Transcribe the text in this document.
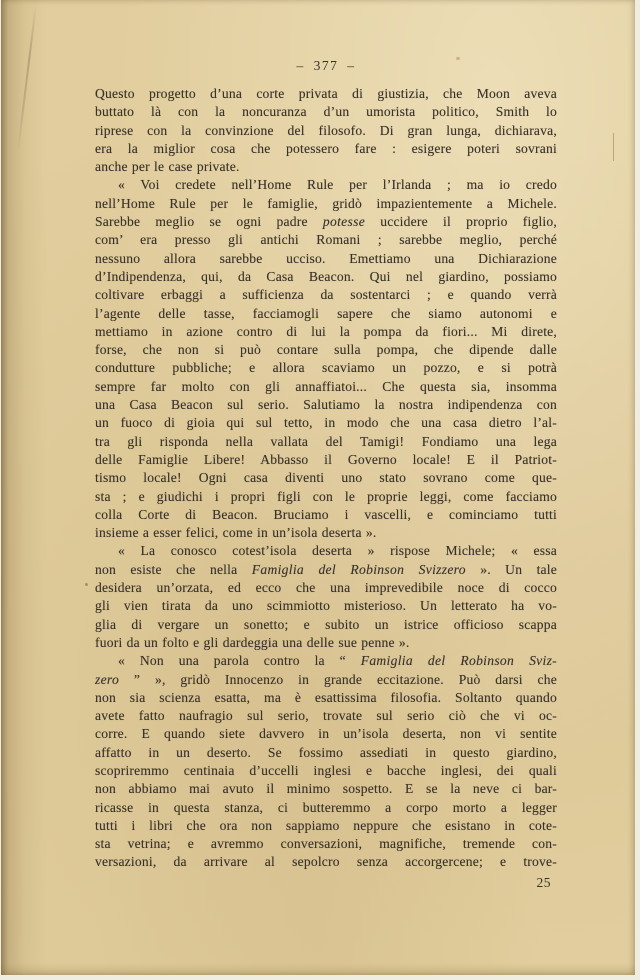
– 377 –
Questo progetto d’una corte privata di giustizia, che Moon aveva
buttato là con la noncuranza d’un umorista politico, Smith lo
riprese con la convinzione del filosofo. Di gran lunga, dichiarava,
era la miglior cosa che potessero fare : esigere poteri sovrani
anche per le case private.
« Voi credete nell’Home Rule per l’Irlanda ; ma io credo
nell’Home Rule per le famiglie, gridò impazientemente a Michele.
Sarebbe meglio se ogni padre potesse uccidere il proprio figlio,
com’ era presso gli antichi Romani ; sarebbe meglio, perché
nessuno allora sarebbe ucciso. Emettiamo una Dichiarazione
d’Indipendenza, qui, da Casa Beacon. Qui nel giardino, possiamo
coltivare erbaggi a sufficienza da sostentarci ; e quando verrà
l’agente delle tasse, facciamogli sapere che siamo autonomi e
mettiamo in azione contro di lui la pompa da fiori... Mi direte,
forse, che non si può contare sulla pompa, che dipende dalle
condutture pubbliche; e allora scaviamo un pozzo, e si potrà
sempre far molto con gli annaffiatoi... Che questa sia, insomma
una Casa Beacon sul serio. Salutiamo la nostra indipendenza con
un fuoco di gioia qui sul tetto, in modo che una casa dietro l’al-
tra gli risponda nella vallata del Tamigi! Fondiamo una lega
delle Famiglie Libere! Abbasso il Governo locale! E il Patriot-
tismo locale! Ogni casa diventi uno stato sovrano come que-
sta ; e giudichi i propri figli con le proprie leggi, come facciamo
colla Corte di Beacon. Bruciamo i vascelli, e cominciamo tutti
insieme a esser felici, come in un’isola deserta ».
« La conosco cotest’isola deserta » rispose Michele; « essa
non esiste che nella Famiglia del Robinson Svizzero ». Un tale
desidera un’orzata, ed ecco che una imprevedibile noce di cocco
gli vien tirata da uno scimmiotto misterioso. Un letterato ha vo-
glia di vergare un sonetto; e subito un istrice officioso scappa
fuori da un folto e gli dardeggia una delle sue penne ».
« Non una parola contro la “ Famiglia del Robinson Sviz-
zero ” », gridò Innocenzo in grande eccitazione. Può darsi che
non sia scienza esatta, ma è esattissima filosofia. Soltanto quando
avete fatto naufragio sul serio, trovate sul serio ciò che vi oc-
corre. E quando siete davvero in un’isola deserta, non vi sentite
affatto in un deserto. Se fossimo assediati in questo giardino,
scopriremmo centinaia d’uccelli inglesi e bacche inglesi, dei quali
non abbiamo mai avuto il minimo sospetto. E se la neve ci bar-
ricasse in questa stanza, ci butteremmo a corpo morto a legger
tutti i libri che ora non sappiamo neppure che esistano in cote-
sta vetrina; e avremmo conversazioni, magnifiche, tremende con-
versazioni, da arrivare al sepolcro senza accorgercene; e trove-
25
